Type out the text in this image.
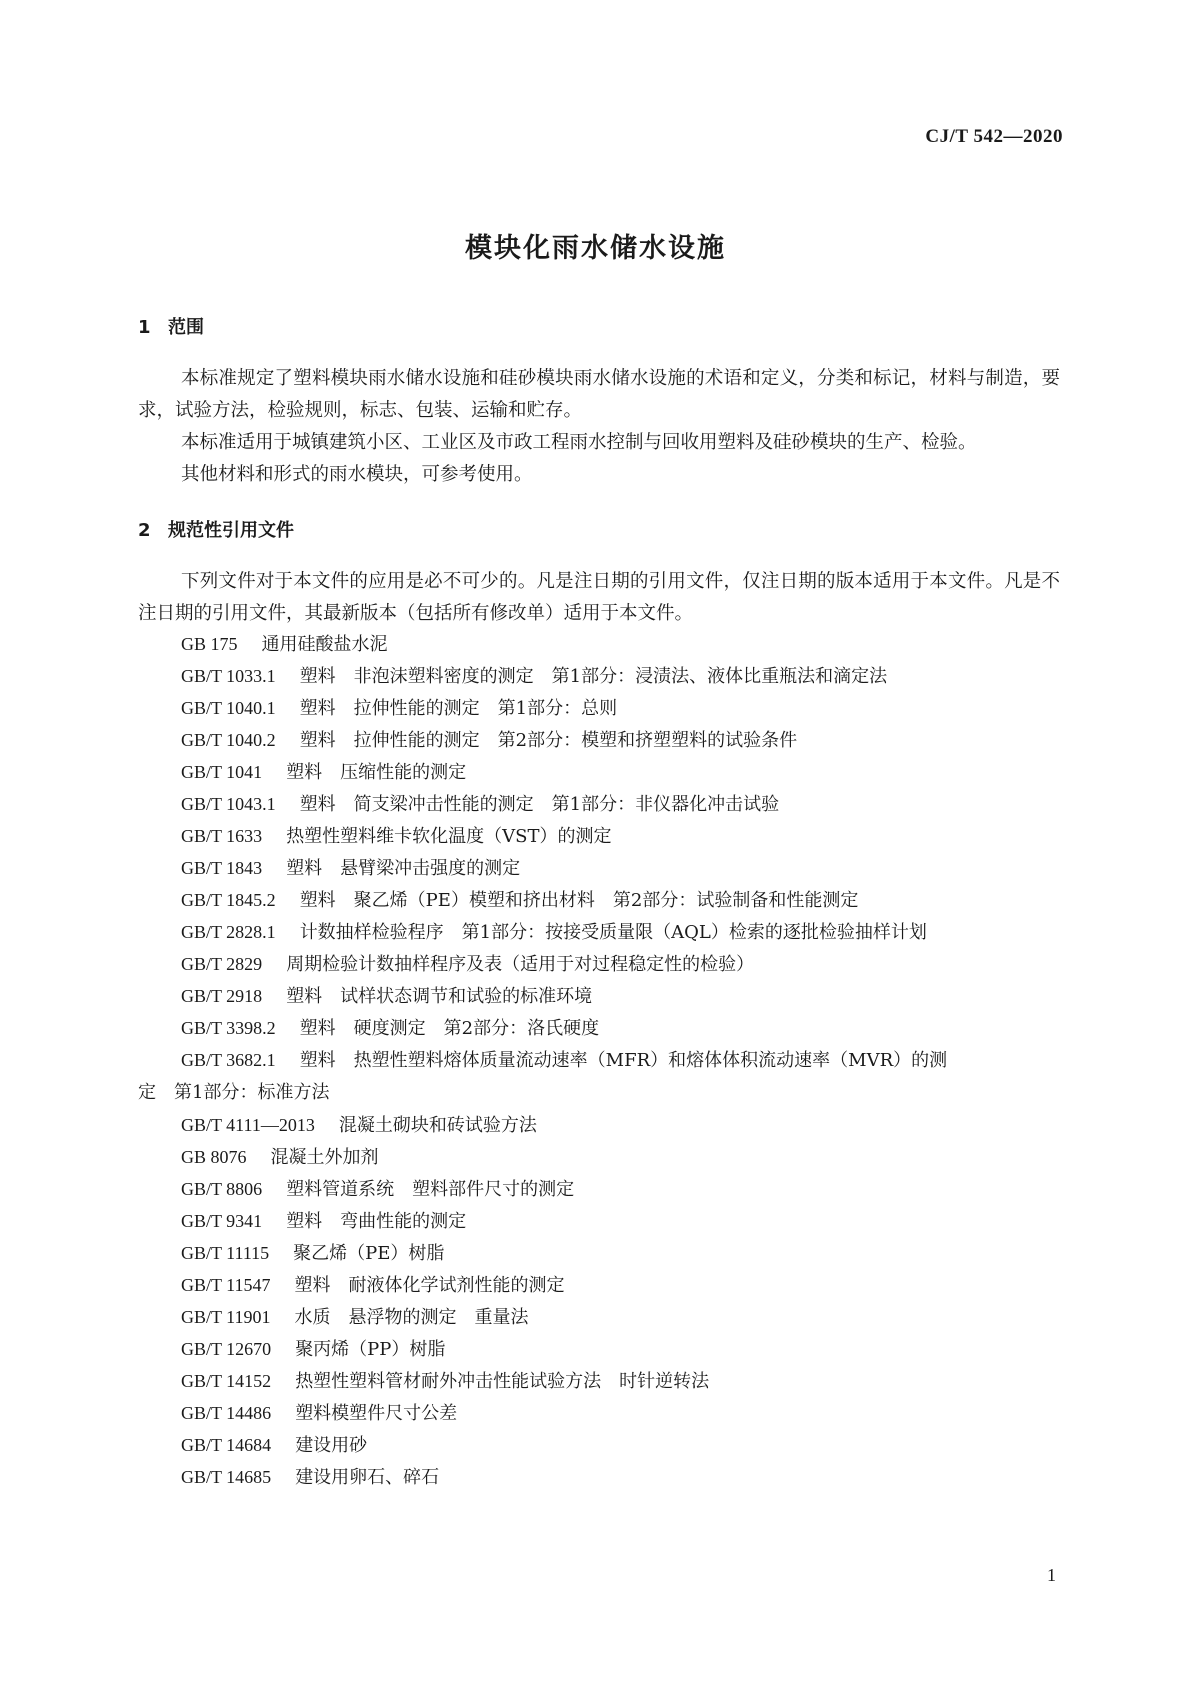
CJ/T 542—2020
模块化雨水储水设施
1 范围

本标准规定了塑料模块雨水储水设施和硅砂模块雨水储水设施的术语和定义，分类和标记，材料与制造，要求，试验方法，检验规则，标志、包装、运输和贮存。

本标准适用于城镇建筑小区、工业区及市政工程雨水控制与回收用塑料及硅砂模块的生产、检验。

其他材料和形式的雨水模块，可参考使用。

2 规范性引用文件

下列文件对于本文件的应用是必不可少的。凡是注日期的引用文件，仅注日期的版本适用于本文件。凡是不注日期的引用文件，其最新版本（包括所有修改单）适用于本文件。

GB 175 通用硅酸盐水泥
GB/T 1033.1 塑料　非泡沫塑料密度的测定　第1部分：浸渍法、液体比重瓶法和滴定法
GB/T 1040.1 塑料　拉伸性能的测定　第1部分：总则
GB/T 1040.2 塑料　拉伸性能的测定　第2部分：模塑和挤塑塑料的试验条件
GB/T 1041 塑料　压缩性能的测定
GB/T 1043.1 塑料　简支梁冲击性能的测定　第1部分：非仪器化冲击试验
GB/T 1633 热塑性塑料维卡软化温度（VST）的测定
GB/T 1843 塑料　悬臂梁冲击强度的测定
GB/T 1845.2 塑料　聚乙烯（PE）模塑和挤出材料　第2部分：试验制备和性能测定
GB/T 2828.1 计数抽样检验程序　第1部分：按接受质量限（AQL）检索的逐批检验抽样计划
GB/T 2829 周期检验计数抽样程序及表（适用于对过程稳定性的检验）
GB/T 2918 塑料　试样状态调节和试验的标准环境
GB/T 3398.2 塑料　硬度测定　第2部分：洛氏硬度
GB/T 3682.1 塑料　热塑性塑料熔体质量流动速率（MFR）和熔体体积流动速率（MVR）的测
定　第1部分：标准方法
GB/T 4111—2013 混凝土砌块和砖试验方法
GB 8076 混凝土外加剂
GB/T 8806 塑料管道系统　塑料部件尺寸的测定
GB/T 9341 塑料　弯曲性能的测定
GB/T 11115 聚乙烯（PE）树脂
GB/T 11547 塑料　耐液体化学试剂性能的测定
GB/T 11901 水质　悬浮物的测定　重量法
GB/T 12670 聚丙烯（PP）树脂
GB/T 14152 热塑性塑料管材耐外冲击性能试验方法　时针逆转法
GB/T 14486 塑料模塑件尺寸公差
GB/T 14684 建设用砂
GB/T 14685 建设用卵石、碎石
1
